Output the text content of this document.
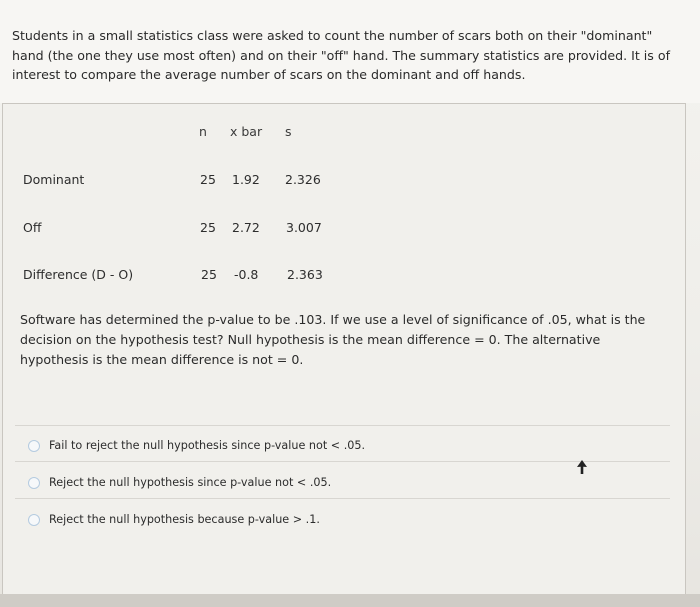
Students in a small statistics class were asked to count the number of scars both on their "dominant" hand (the one they use most often) and on their "off" hand. The summary statistics are provided. It is of interest to compare the average number of scars on the dominant and off hands.
n x bar s
Dominant	25 1.92 2.326
Off	25 2.72 3.007
Difference (D - O)	25 -0.8 2.363
Software has determined the p-value to be .103. If we use a level of significance of .05, what is the decision on the hypothesis test? Null hypothesis is the mean difference = 0. The alternative hypothesis is the mean difference is not = 0.
Fail to reject the null hypothesis since p-value not < .05.
Reject the null hypothesis since p-value not < .05.
Reject the null hypothesis because p-value > .1.
